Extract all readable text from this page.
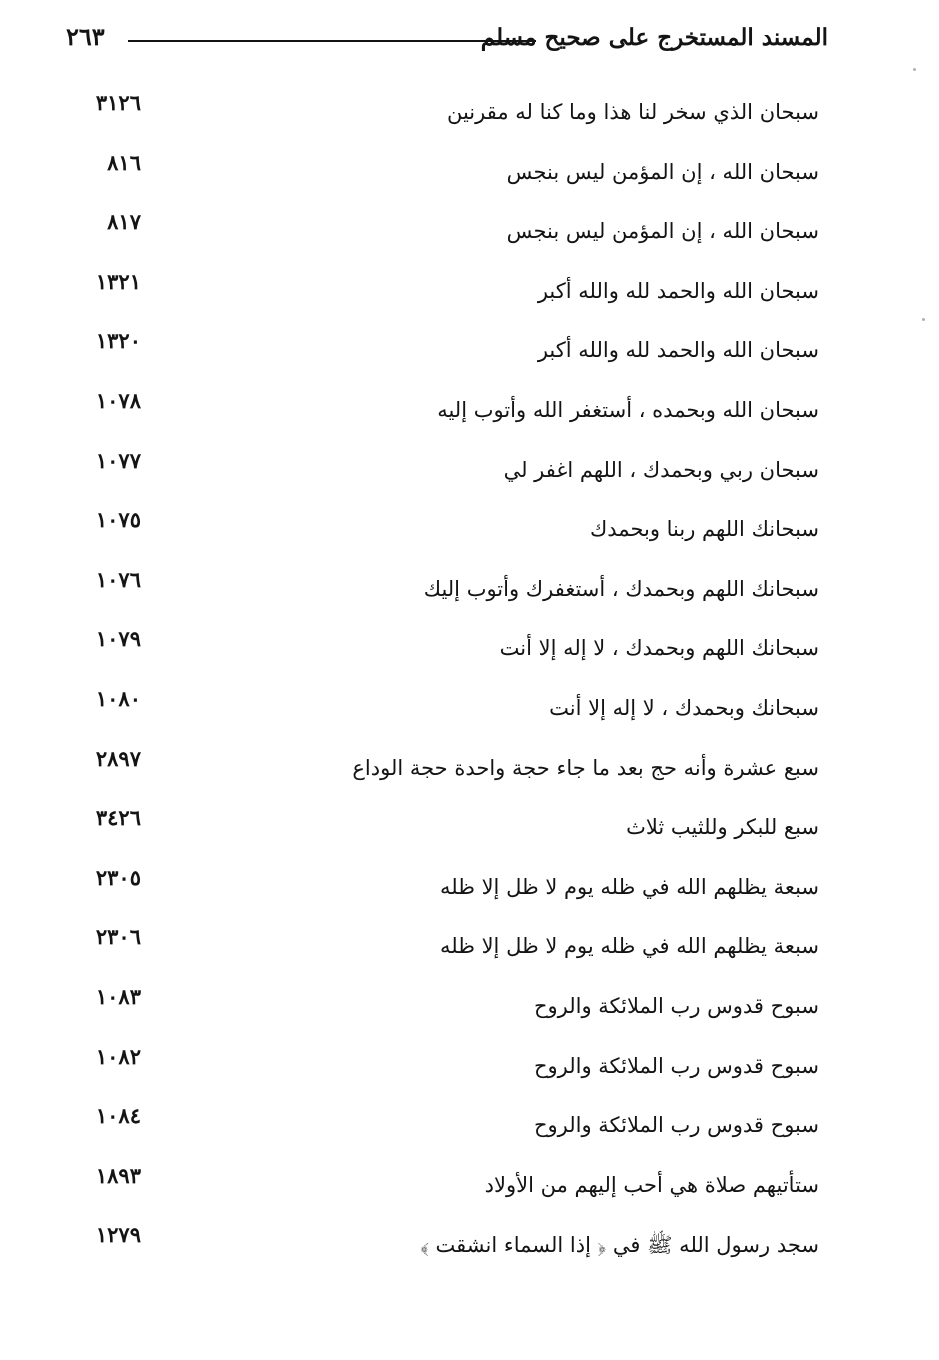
المسند المستخرج على صحيح مسلم
٢٦٣
سبحان الذي سخر لنا هذا وما كنا له مقرنين
٣١٢٦
سبحان الله ، إن المؤمن ليس بنجس
٨١٦
سبحان الله ، إن المؤمن ليس بنجس
٨١٧
سبحان الله والحمد لله والله أكبر
١٣٢١
سبحان الله والحمد لله والله أكبر
١٣٢٠
سبحان الله وبحمده ، أستغفر الله وأتوب إليه
١٠٧٨
سبحان ربي وبحمدك ، اللهم اغفر لي
١٠٧٧
سبحانك اللهم ربنا وبحمدك
١٠٧٥
سبحانك اللهم وبحمدك ، أستغفرك وأتوب إليك
١٠٧٦
سبحانك اللهم وبحمدك ، لا إله إلا أنت
١٠٧٩
سبحانك وبحمدك ، لا إله إلا أنت
١٠٨٠
سبع عشرة وأنه حج بعد ما جاء حجة واحدة حجة الوداع
٢٨٩٧
سبع للبكر وللثيب ثلاث
٣٤٢٦
سبعة يظلهم الله في ظله يوم لا ظل إلا ظله
٢٣٠٥
سبعة يظلهم الله في ظله يوم لا ظل إلا ظله
٢٣٠٦
سبوح قدوس رب الملائكة والروح
١٠٨٣
سبوح قدوس رب الملائكة والروح
١٠٨٢
سبوح قدوس رب الملائكة والروح
١٠٨٤
ستأتيهم صلاة هي أحب إليهم من الأولاد
١٨٩٣
سجد رسول الله ﷺ في ﴿ إذا السماء انشقت ﴾
١٢٧٩
